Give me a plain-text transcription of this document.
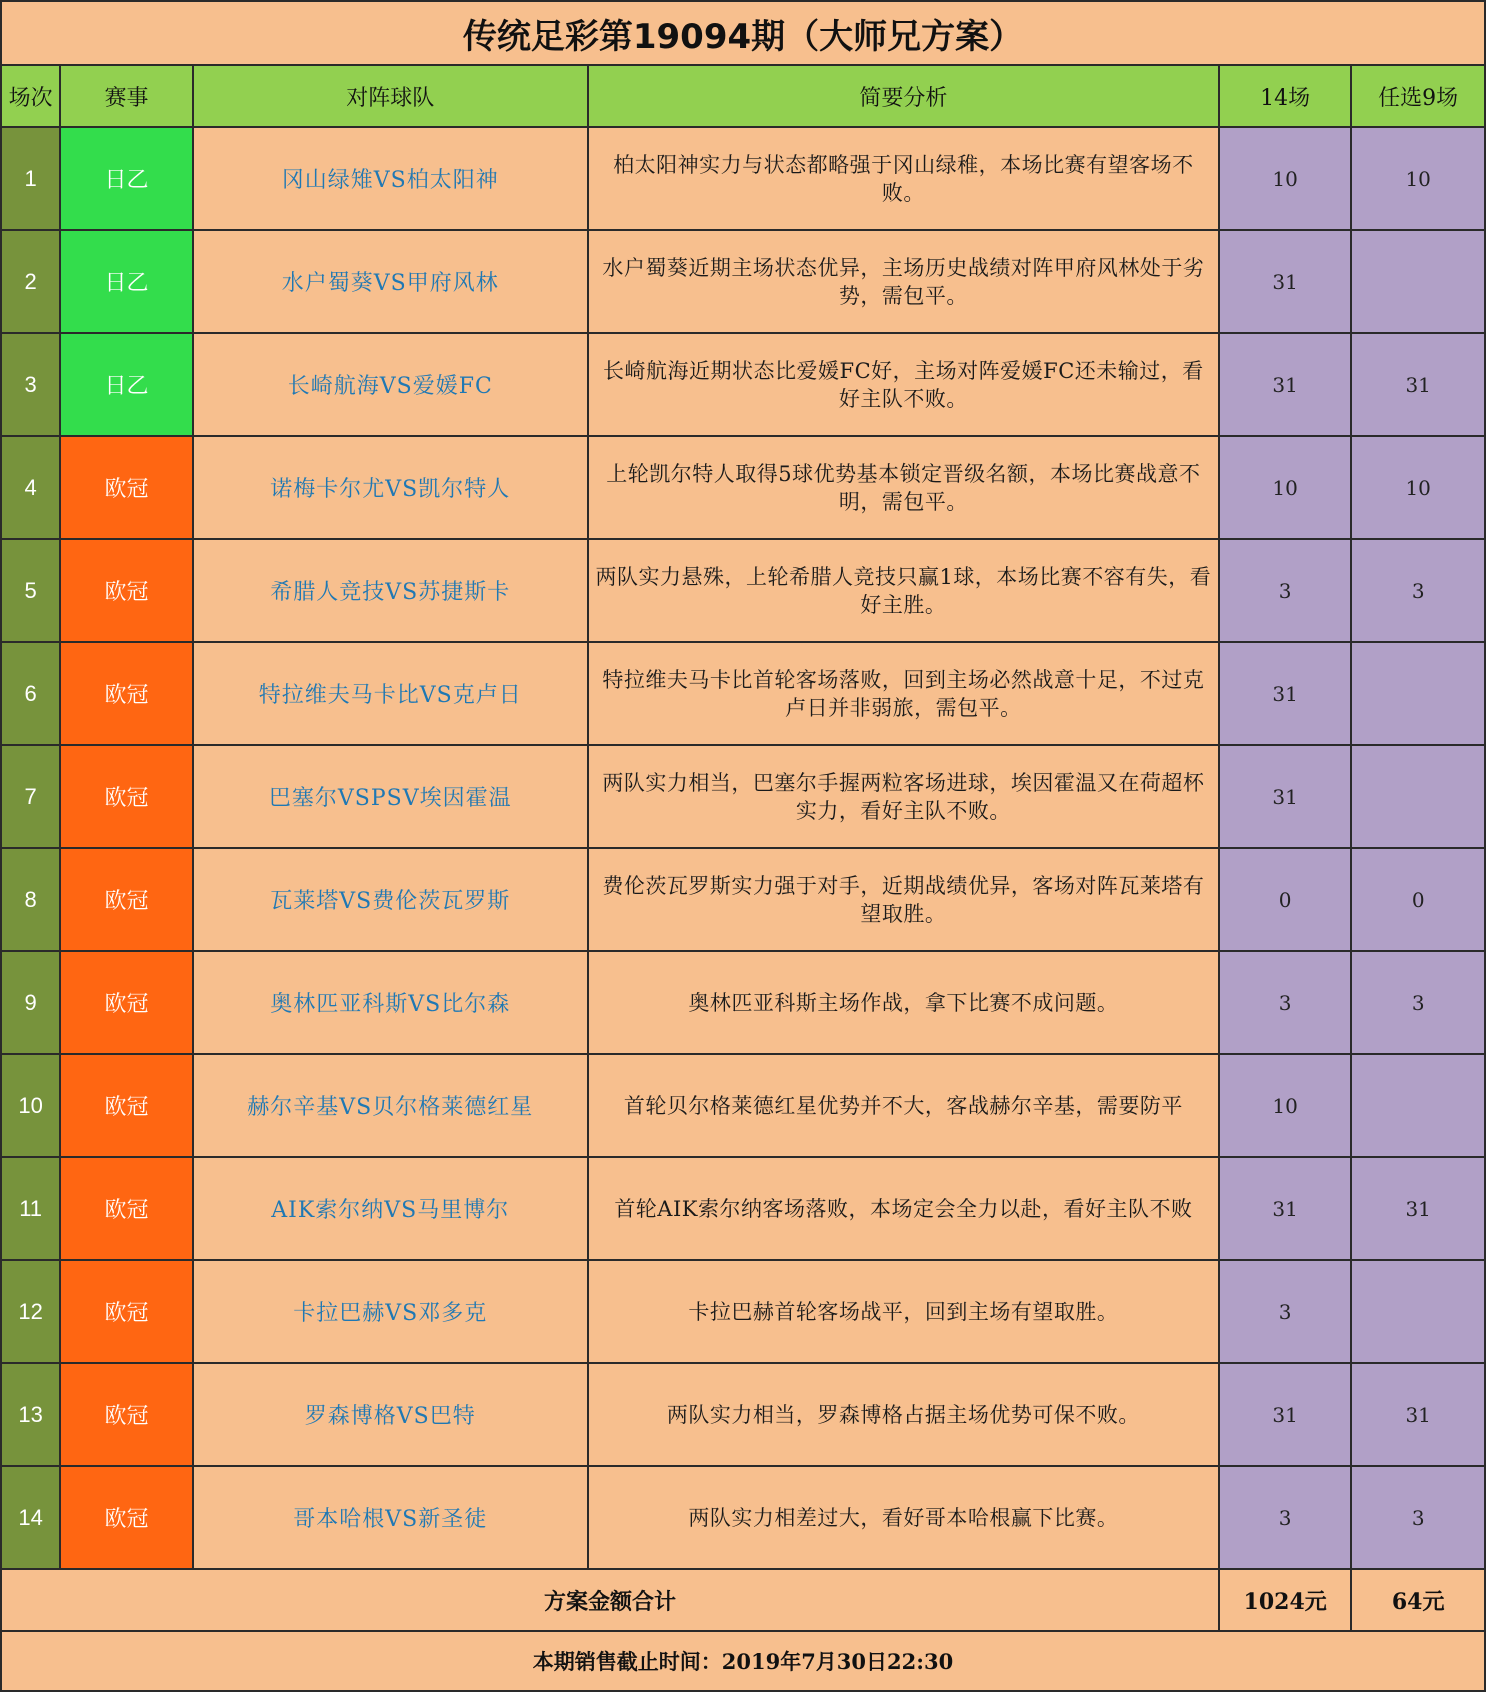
传统足彩第19094期（大师兄方案）					
场次	赛事	对阵球队	简要分析	14场	任选9场
1	日乙	冈山绿雉VS柏太阳神	柏太阳神实力与状态都略强于冈山绿稚，本场比赛有望客场不败。	10	10
2	日乙	水户蜀葵VS甲府风林	水户蜀葵近期主场状态优异，主场历史战绩对阵甲府风林处于劣势，需包平。	31	
3	日乙	长崎航海VS爱媛FC	长崎航海近期状态比爱媛FC好，主场对阵爱媛FC还未输过，看好主队不败。	31	31
4	欧冠	诺梅卡尔尤VS凯尔特人	上轮凯尔特人取得5球优势基本锁定晋级名额，本场比赛战意不明，需包平。	10	10
5	欧冠	希腊人竞技VS苏捷斯卡	两队实力悬殊，上轮希腊人竞技只赢1球，本场比赛不容有失，看好主胜。	3	3
6	欧冠	特拉维夫马卡比VS克卢日	特拉维夫马卡比首轮客场落败，回到主场必然战意十足，不过克卢日并非弱旅，需包平。	31	
7	欧冠	巴塞尔VSPSV埃因霍温	两队实力相当，巴塞尔手握两粒客场进球，埃因霍温又在荷超杯实力，看好主队不败。	31	
8	欧冠	瓦莱塔VS费伦茨瓦罗斯	费伦茨瓦罗斯实力强于对手，近期战绩优异，客场对阵瓦莱塔有望取胜。	0	0
9	欧冠	奥林匹亚科斯VS比尔森	奥林匹亚科斯主场作战，拿下比赛不成问题。	3	3
10	欧冠	赫尔辛基VS贝尔格莱德红星	首轮贝尔格莱德红星优势并不大，客战赫尔辛基，需要防平	10	
11	欧冠	AIK索尔纳VS马里博尔	首轮AIK索尔纳客场落败，本场定会全力以赴，看好主队不败	31	31
12	欧冠	卡拉巴赫VS邓多克	卡拉巴赫首轮客场战平，回到主场有望取胜。	3	
13	欧冠	罗森博格VS巴特	两队实力相当，罗森博格占据主场优势可保不败。	31	31
14	欧冠	哥本哈根VS新圣徒	两队实力相差过大，看好哥本哈根赢下比赛。	3	3
方案金额合计				1024元	64元
本期销售截止时间：2019年7月30日22:30					
